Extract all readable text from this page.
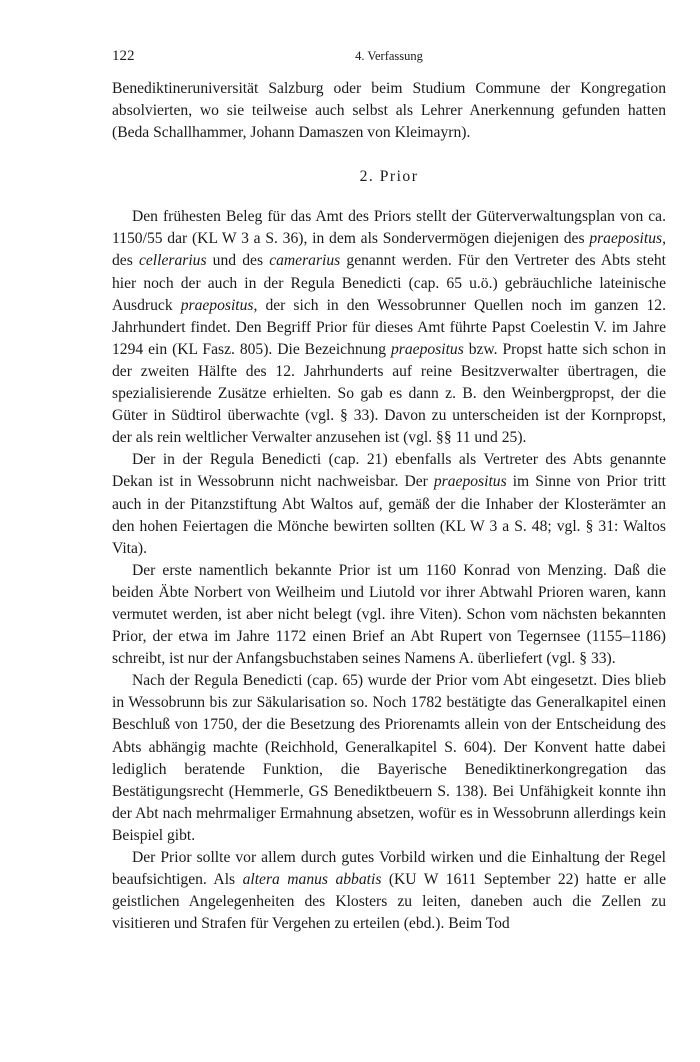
122	4. Verfassung

Benediktineruniversität Salzburg oder beim Studium Commune der Kongregation absolvierten, wo sie teilweise auch selbst als Lehrer Anerkennung gefunden hatten (Beda Schallhammer, Johann Damaszen von Kleimayrn).

2. Prior

Den frühesten Beleg für das Amt des Priors stellt der Güterverwaltungsplan von ca. 1150/55 dar (KL W 3 a S. 36), in dem als Sondervermögen diejenigen des praepositus, des cellerarius und des camerarius genannt werden. Für den Vertreter des Abts steht hier noch der auch in der Regula Benedicti (cap. 65 u.ö.) gebräuchliche lateinische Ausdruck praepositus, der sich in den Wessobrunner Quellen noch im ganzen 12. Jahrhundert findet. Den Begriff Prior für dieses Amt führte Papst Coelestin V. im Jahre 1294 ein (KL Fasz. 805). Die Bezeichnung praepositus bzw. Propst hatte sich schon in der zweiten Hälfte des 12. Jahrhunderts auf reine Besitzverwalter übertragen, die spezialisierende Zusätze erhielten. So gab es dann z. B. den Weinbergpropst, der die Güter in Südtirol überwachte (vgl. § 33). Davon zu unterscheiden ist der Kornpropst, der als rein weltlicher Verwalter anzusehen ist (vgl. §§ 11 und 25).

Der in der Regula Benedicti (cap. 21) ebenfalls als Vertreter des Abts genannte Dekan ist in Wessobrunn nicht nachweisbar. Der praepositus im Sinne von Prior tritt auch in der Pitanzstiftung Abt Waltos auf, gemäß der die Inhaber der Klosterämter an den hohen Feiertagen die Mönche bewirten sollten (KL W 3 a S. 48; vgl. § 31: Waltos Vita).

Der erste namentlich bekannte Prior ist um 1160 Konrad von Menzing. Daß die beiden Äbte Norbert von Weilheim und Liutold vor ihrer Abtwahl Prioren waren, kann vermutet werden, ist aber nicht belegt (vgl. ihre Viten). Schon vom nächsten bekannten Prior, der etwa im Jahre 1172 einen Brief an Abt Rupert von Tegernsee (1155–1186) schreibt, ist nur der Anfangsbuchstaben seines Namens A. überliefert (vgl. § 33).

Nach der Regula Benedicti (cap. 65) wurde der Prior vom Abt eingesetzt. Dies blieb in Wessobrunn bis zur Säkularisation so. Noch 1782 bestätigte das Generalkapitel einen Beschluß von 1750, der die Besetzung des Priorenamts allein von der Entscheidung des Abts abhängig machte (Reichhold, Generalkapitel S. 604). Der Konvent hatte dabei lediglich beratende Funktion, die Bayerische Benediktinerkongregation das Bestätigungsrecht (Hemmerle, GS Benediktbeuern S. 138). Bei Unfähigkeit konnte ihn der Abt nach mehrmaliger Ermahnung absetzen, wofür es in Wessobrunn allerdings kein Beispiel gibt.

Der Prior sollte vor allem durch gutes Vorbild wirken und die Einhaltung der Regel beaufsichtigen. Als altera manus abbatis (KU W 1611 September 22) hatte er alle geistlichen Angelegenheiten des Klosters zu leiten, daneben auch die Zellen zu visitieren und Strafen für Vergehen zu erteilen (ebd.). Beim Tod
